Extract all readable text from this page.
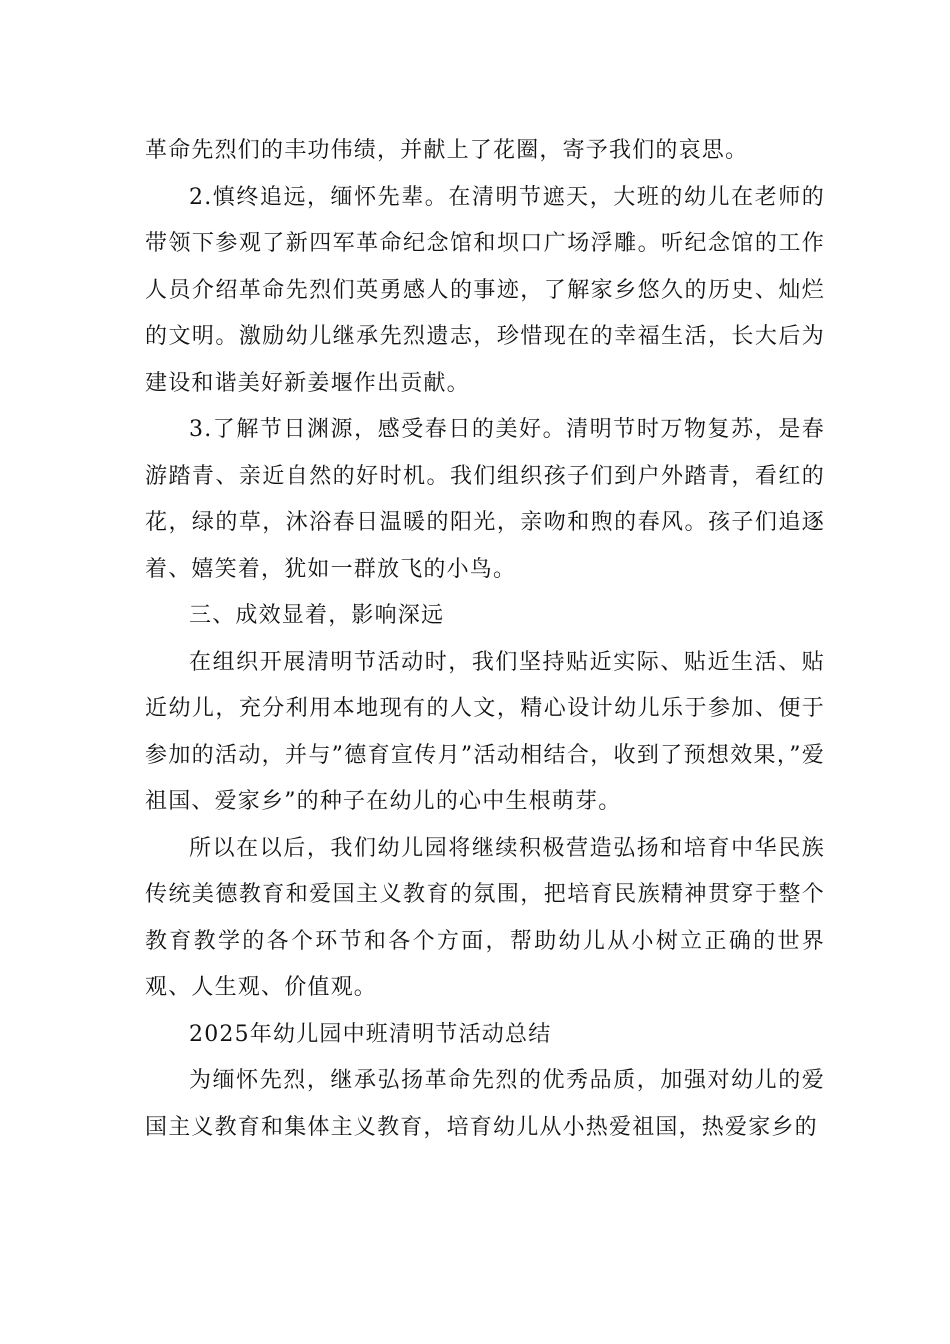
革命先烈们的丰功伟绩，并献上了花圈，寄予我们的哀思。

2.慎终追远，缅怀先辈。在清明节遮天，大班的幼儿在老师的带领下参观了新四军革命纪念馆和坝口广场浮雕。听纪念馆的工作人员介绍革命先烈们英勇感人的事迹，了解家乡悠久的历史、灿烂的文明。激励幼儿继承先烈遗志，珍惜现在的幸福生活，长大后为建设和谐美好新姜堰作出贡献。

3.了解节日渊源，感受春日的美好。清明节时万物复苏，是春游踏青、亲近自然的好时机。我们组织孩子们到户外踏青，看红的花，绿的草，沐浴春日温暖的阳光，亲吻和煦的春风。孩子们追逐着、嬉笑着，犹如一群放飞的小鸟。

三、成效显着，影响深远

在组织开展清明节活动时，我们坚持贴近实际、贴近生活、贴近幼儿，充分利用本地现有的人文，精心设计幼儿乐于参加、便于参加的活动，并与”德育宣传月”活动相结合，收到了预想效果，”爱祖国、爱家乡”的种子在幼儿的心中生根萌芽。

所以在以后，我们幼儿园将继续积极营造弘扬和培育中华民族传统美德教育和爱国主义教育的氛围，把培育民族精神贯穿于整个教育教学的各个环节和各个方面，帮助幼儿从小树立正确的世界观、人生观、价值观。

2025年幼儿园中班清明节活动总结

为缅怀先烈，继承弘扬革命先烈的优秀品质，加强对幼儿的爱国主义教育和集体主义教育，培育幼儿从小热爱祖国，热爱家乡的
